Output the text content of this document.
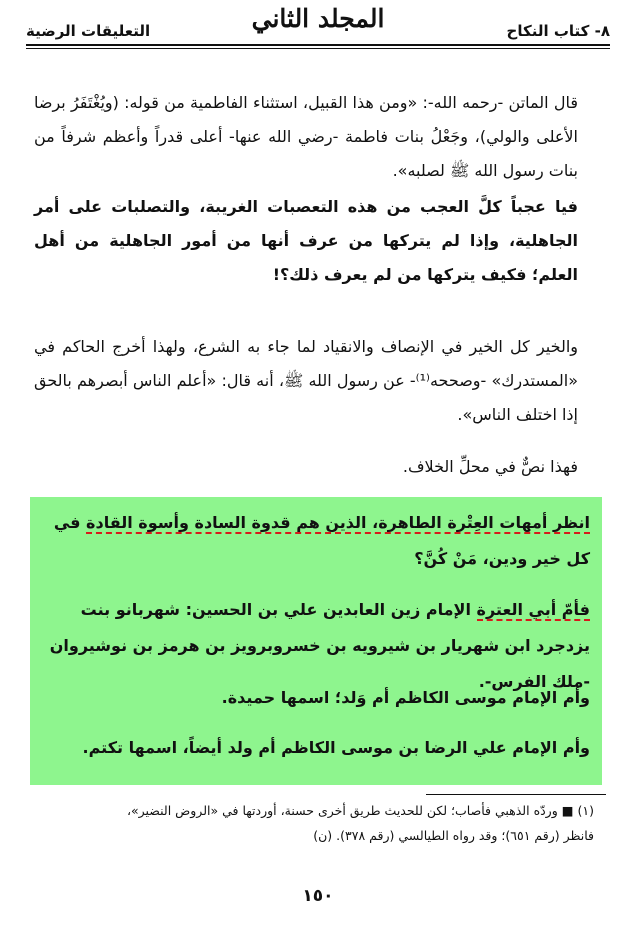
٨- كتاب النكاح
المجلد الثاني
التعليقات الرضية
قال الماتن -رحمه الله-: «ومن هذا القبيل، استثناء الفاطمية من قوله: (ويُغْتَفَرُ برضا الأعلى والولي)، وجَعْلُ بنات فاطمة -رضي الله عنها- أعلى قدراً وأعظم شرفاً من بنات رسول الله ﷺ لصلبه».
فيا عجباً كلَّ العجب من هذه التعصبات الغريبة، والتصلبات على أمر الجاهلية، وإذا لم يتركها من عرف أنها من أمور الجاهلية من أهل العلم؛ فكيف يتركها من لم يعرف ذلك؟!
والخير كل الخير في الإنصاف والانقياد لما جاء به الشرع، ولهذا أخرج الحاكم في «المستدرك» -وصححه⁽¹⁾- عن رسول الله ﷺ، أنه قال: «أعلم الناس أبصرهم بالحق إذا اختلف الناس».
فهذا نصٌّ في محلِّ الخلاف.
انظر أمهات العِتْرة الطاهرة، الذين هم قدوة السادة وأسوة القادة في كل خير ودين، مَنْ كُنَّ؟
فأمّ أبي العترة الإمام زين العابدين علي بن الحسين: شهربانو بنت يزدجرد ابن شهريار بن شيرويه بن خسروبرويز بن هرمز بن نوشيروان -ملك الفرس-.
وأم الإمام موسى الكاظم أم وَلد؛ اسمها حميدة.
وأم الإمام علي الرضا بن موسى الكاظم أم ولد أيضاً، اسمها تكتم.
(١) ■ وردّه الذهبي فأصاب؛ لكن للحديث طريق أخرى حسنة، أوردتها في «الروض النضير»،
فانظر (رقم ٦٥١)؛ وقد رواه الطيالسي (رقم ٣٧٨). (ن)
١٥٠
